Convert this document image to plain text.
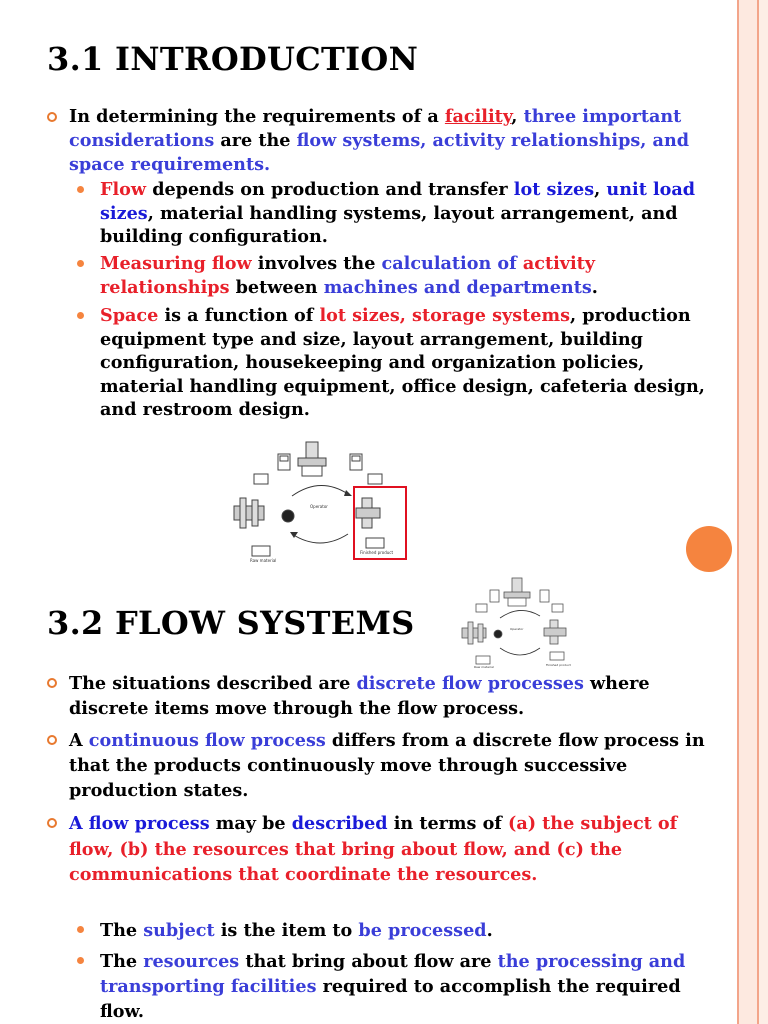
3.1 INTRODUCTION
In determining the requirements of a facility, three important considerations are the flow systems, activity relationships, and space requirements.
Flow depends on production and transfer lot sizes, unit load sizes, material handling systems, layout arrangement, and building configuration.
Measuring flow involves the calculation of activity relationships between machines and departments.
Space is a function of lot sizes, storage systems, production equipment type and size, layout arrangement, building configuration, housekeeping and organization policies, material handling equipment, office design, cafeteria design, and restroom design.
Operator
Raw material
Finished product
3.2 FLOW SYSTEMS	Operator
Raw material	Finished product
The situations described are discrete flow processes where discrete items move through the flow process.
A continuous flow process differs from a discrete flow process in that the products continuously move through successive production states.
A flow process may be described in terms of (a) the subject of flow, (b) the resources that bring about flow, and (c) the communications that coordinate the resources.
The subject is the item to be processed.
The resources that bring about flow are the processing and transporting facilities required to accomplish the required flow.
